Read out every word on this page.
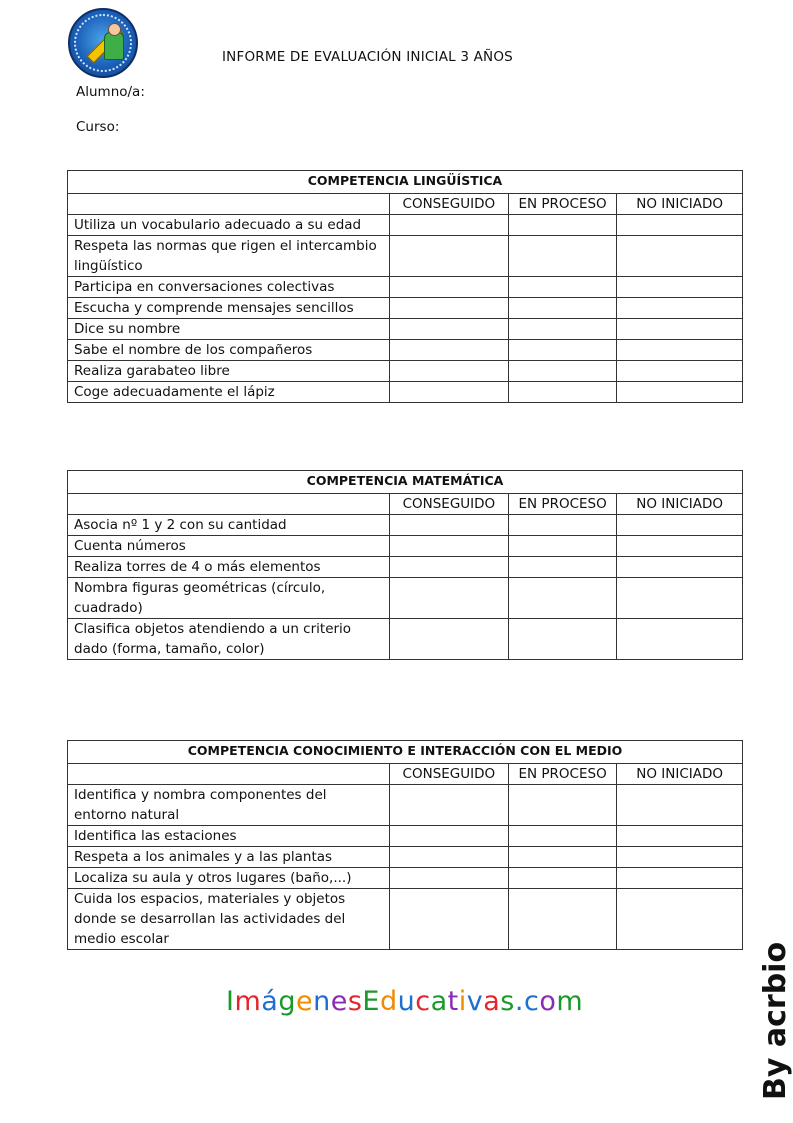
INFORME DE EVALUACIÓN INICIAL 3 AÑOS
Alumno/a:
Curso:
COMPETENCIA LINGÜÍSTICA			
	CONSEGUIDO	EN PROCESO	NO INICIADO
Utiliza un vocabulario adecuado a su edad			
Respeta las normas que rigen el intercambio lingüístico			
Participa en conversaciones colectivas			
Escucha y comprende mensajes sencillos			
Dice su nombre			
Sabe el nombre de los compañeros			
Realiza garabateo libre			
Coge adecuadamente el lápiz			
COMPETENCIA MATEMÁTICA			
	CONSEGUIDO	EN PROCESO	NO INICIADO
Asocia nº 1 y 2 con su cantidad			
Cuenta números			
Realiza torres de 4 o más elementos			
Nombra figuras geométricas (círculo, cuadrado)			
Clasifica objetos atendiendo a un criterio dado (forma, tamaño, color)			
COMPETENCIA CONOCIMIENTO E INTERACCIÓN CON EL MEDIO			
	CONSEGUIDO	EN PROCESO	NO INICIADO
Identifica y nombra componentes del entorno natural			
Identifica las estaciones			
Respeta a los animales y a las plantas			
Localiza su aula y otros lugares (baño,...)			
Cuida los espacios, materiales y objetos donde se desarrollan las actividades del medio escolar			
ImágenesEducativas.com	By acrbio
